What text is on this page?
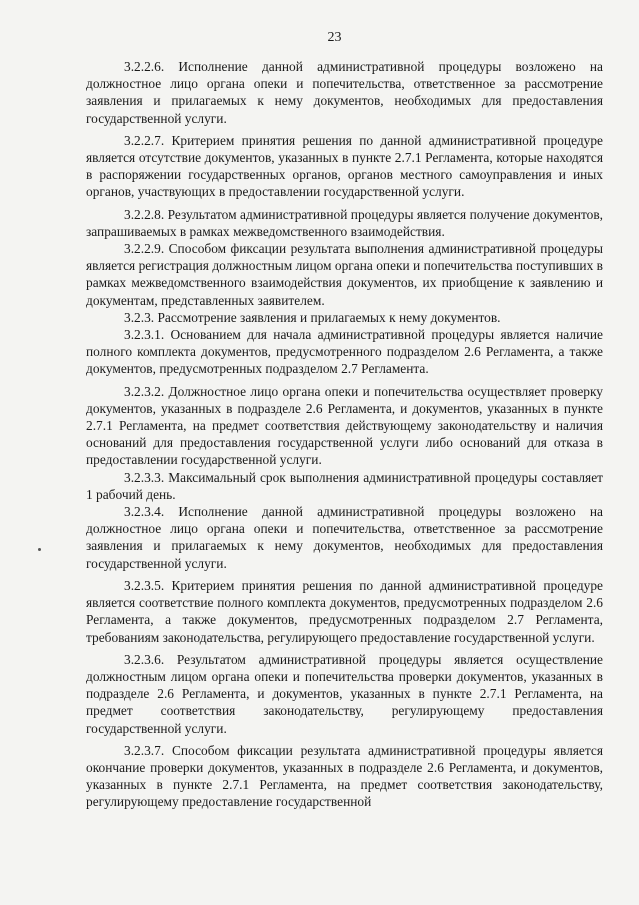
23

3.2.2.6. Исполнение данной административной процедуры возложено на должностное лицо органа опеки и попечительства, ответственное за рассмотрение заявления и прилагаемых к нему документов, необходимых для предоставления государственной услуги.

3.2.2.7. Критерием принятия решения по данной административной процедуре является отсутствие документов, указанных в пункте 2.7.1 Регламента, которые находятся в распоряжении государственных органов, органов местного самоуправления и иных органов, участвующих в предоставлении государственной услуги.

3.2.2.8. Результатом административной процедуры является получение документов, запрашиваемых в рамках межведомственного взаимодействия.

3.2.2.9. Способом фиксации результата выполнения административной процедуры является регистрация должностным лицом органа опеки и попечительства поступивших в рамках межведомственного взаимодействия документов, их приобщение к заявлению и документам, представленных заявителем.

3.2.3. Рассмотрение заявления и прилагаемых к нему документов.

3.2.3.1. Основанием для начала административной процедуры является наличие полного комплекта документов, предусмотренного подразделом 2.6 Регламента, а также документов, предусмотренных подразделом 2.7 Регламента.

3.2.3.2. Должностное лицо органа опеки и попечительства осуществляет проверку документов, указанных в подразделе 2.6 Регламента, и документов, указанных в пункте 2.7.1 Регламента, на предмет соответствия действующему законодательству и наличия оснований для предоставления государственной услуги либо оснований для отказа в предоставлении государственной услуги.

3.2.3.3. Максимальный срок выполнения административной процедуры составляет 1 рабочий день.

3.2.3.4. Исполнение данной административной процедуры возложено на должностное лицо органа опеки и попечительства, ответственное за рассмотрение заявления и прилагаемых к нему документов, необходимых для предоставления государственной услуги.

3.2.3.5. Критерием принятия решения по данной административной процедуре является соответствие полного комплекта документов, предусмотренных подразделом 2.6 Регламента, а также документов, предусмотренных подразделом 2.7 Регламента, требованиям законодательства, регулирующего предоставление государственной услуги.

3.2.3.6. Результатом административной процедуры является осуществление должностным лицом органа опеки и попечительства проверки документов, указанных в подразделе 2.6 Регламента, и документов, указанных в пункте 2.7.1 Регламента, на предмет соответствия законодательству, регулирующему предоставления государственной услуги.

3.2.3.7. Способом фиксации результата административной процедуры является окончание проверки документов, указанных в подразделе 2.6 Регламента, и документов, указанных в пункте 2.7.1 Регламента, на предмет соответствия законодательству, регулирующему предоставление государственной
